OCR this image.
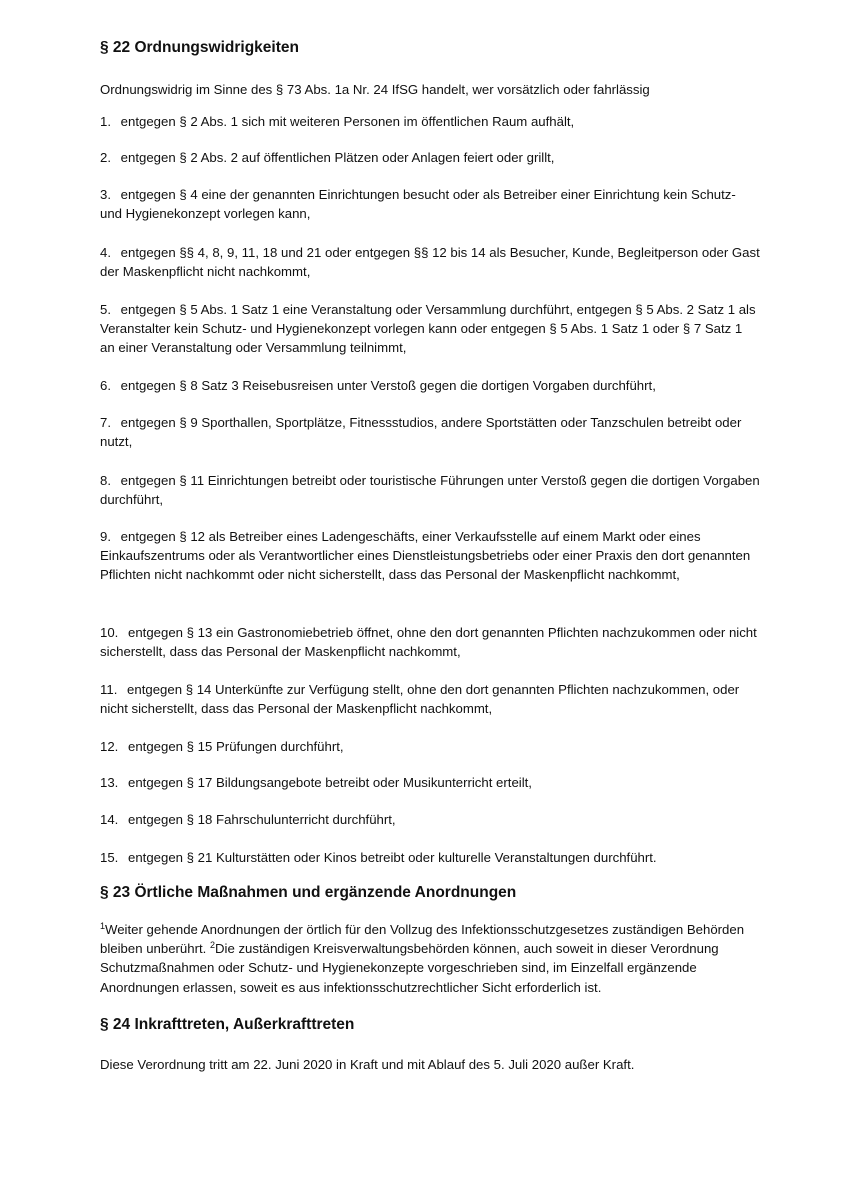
§ 22 Ordnungswidrigkeiten

Ordnungswidrig im Sinne des § 73 Abs. 1a Nr. 24 IfSG handelt, wer vorsätzlich oder fahrlässig

1. entgegen § 2 Abs. 1 sich mit weiteren Personen im öffentlichen Raum aufhält,
2. entgegen § 2 Abs. 2 auf öffentlichen Plätzen oder Anlagen feiert oder grillt,
3. entgegen § 4 eine der genannten Einrichtungen besucht oder als Betreiber einer Einrichtung kein Schutz- und Hygienekonzept vorlegen kann,
4. entgegen §§ 4, 8, 9, 11, 18 und 21 oder entgegen §§ 12 bis 14 als Besucher, Kunde, Begleitperson oder Gast der Maskenpflicht nicht nachkommt,
5. entgegen § 5 Abs. 1 Satz 1 eine Veranstaltung oder Versammlung durchführt, entgegen § 5 Abs. 2 Satz 1 als Veranstalter kein Schutz- und Hygienekonzept vorlegen kann oder entgegen § 5 Abs. 1 Satz 1 oder § 7 Satz 1 an einer Veranstaltung oder Versammlung teilnimmt,
6. entgegen § 8 Satz 3 Reisebusreisen unter Verstoß gegen die dortigen Vorgaben durchführt,
7. entgegen § 9 Sporthallen, Sportplätze, Fitnessstudios, andere Sportstätten oder Tanzschulen betreibt oder nutzt,
8. entgegen § 11 Einrichtungen betreibt oder touristische Führungen unter Verstoß gegen die dortigen Vorgaben durchführt,
9. entgegen § 12 als Betreiber eines Ladengeschäfts, einer Verkaufsstelle auf einem Markt oder eines Einkaufszentrums oder als Verantwortlicher eines Dienstleistungsbetriebs oder einer Praxis den dort genannten Pflichten nicht nachkommt oder nicht sicherstellt, dass das Personal der Maskenpflicht nachkommt,
10. entgegen § 13 ein Gastronomiebetrieb öffnet, ohne den dort genannten Pflichten nachzukommen oder nicht sicherstellt, dass das Personal der Maskenpflicht nachkommt,
11. entgegen § 14 Unterkünfte zur Verfügung stellt, ohne den dort genannten Pflichten nachzukommen, oder nicht sicherstellt, dass das Personal der Maskenpflicht nachkommt,
12. entgegen § 15 Prüfungen durchführt,
13. entgegen § 17 Bildungsangebote betreibt oder Musikunterricht erteilt,
14. entgegen § 18 Fahrschulunterricht durchführt,
15. entgegen § 21 Kulturstätten oder Kinos betreibt oder kulturelle Veranstaltungen durchführt.
§ 23 Örtliche Maßnahmen und ergänzende Anordnungen

$^1$Weiter gehende Anordnungen der örtlich für den Vollzug des Infektionsschutzgesetzes zuständigen Behörden bleiben unberührt. $^2$Die zuständigen Kreisverwaltungsbehörden können, auch soweit in dieser Verordnung Schutzmaßnahmen oder Schutz- und Hygienekonzepte vorgeschrieben sind, im Einzelfall ergänzende Anordnungen erlassen, soweit es aus infektionsschutzrechtlicher Sicht erforderlich ist.

§ 24 Inkrafttreten, Außerkrafttreten

Diese Verordnung tritt am 22. Juni 2020 in Kraft und mit Ablauf des 5. Juli 2020 außer Kraft.
